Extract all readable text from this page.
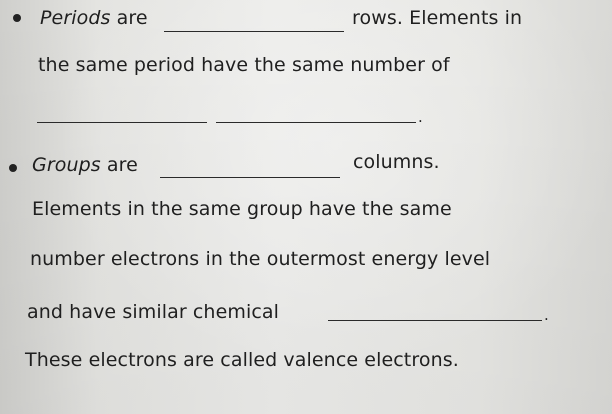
Periods are	rows. Elements in
the same period have the same number of
.
Groups are	columns.
Elements in the same group have the same
number electrons in the outermost energy level
and have similar chemical	.
These electrons are called valence electrons.
